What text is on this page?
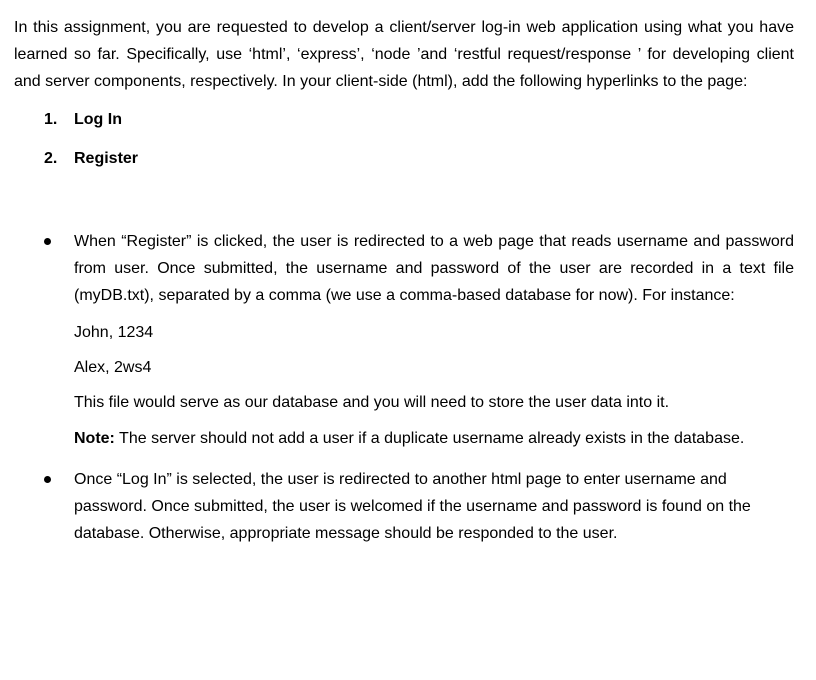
In this assignment, you are requested to develop a client/server log-in web application using what you have learned so far. Specifically, use ‘html’, ‘express’, ‘node ’and ‘restful request/response ’ for developing client and server components, respectively. In your client-side (html), add the following hyperlinks to the page:

1. Log In
2. Register

When “Register” is clicked, the user is redirected to a web page that reads username and password from user. Once submitted, the username and password of the user are recorded in a text file (myDB.txt), separated by a comma (we use a comma-based database for now). For instance:

John, 1234

Alex, 2ws4

This file would serve as our database and you will need to store the user data into it.

Note: The server should not add a user if a duplicate username already exists in the database.

Once “Log In” is selected, the user is redirected to another html page to enter username and password. Once submitted, the user is welcomed if the username and password is found on the database. Otherwise, appropriate message should be responded to the user.
